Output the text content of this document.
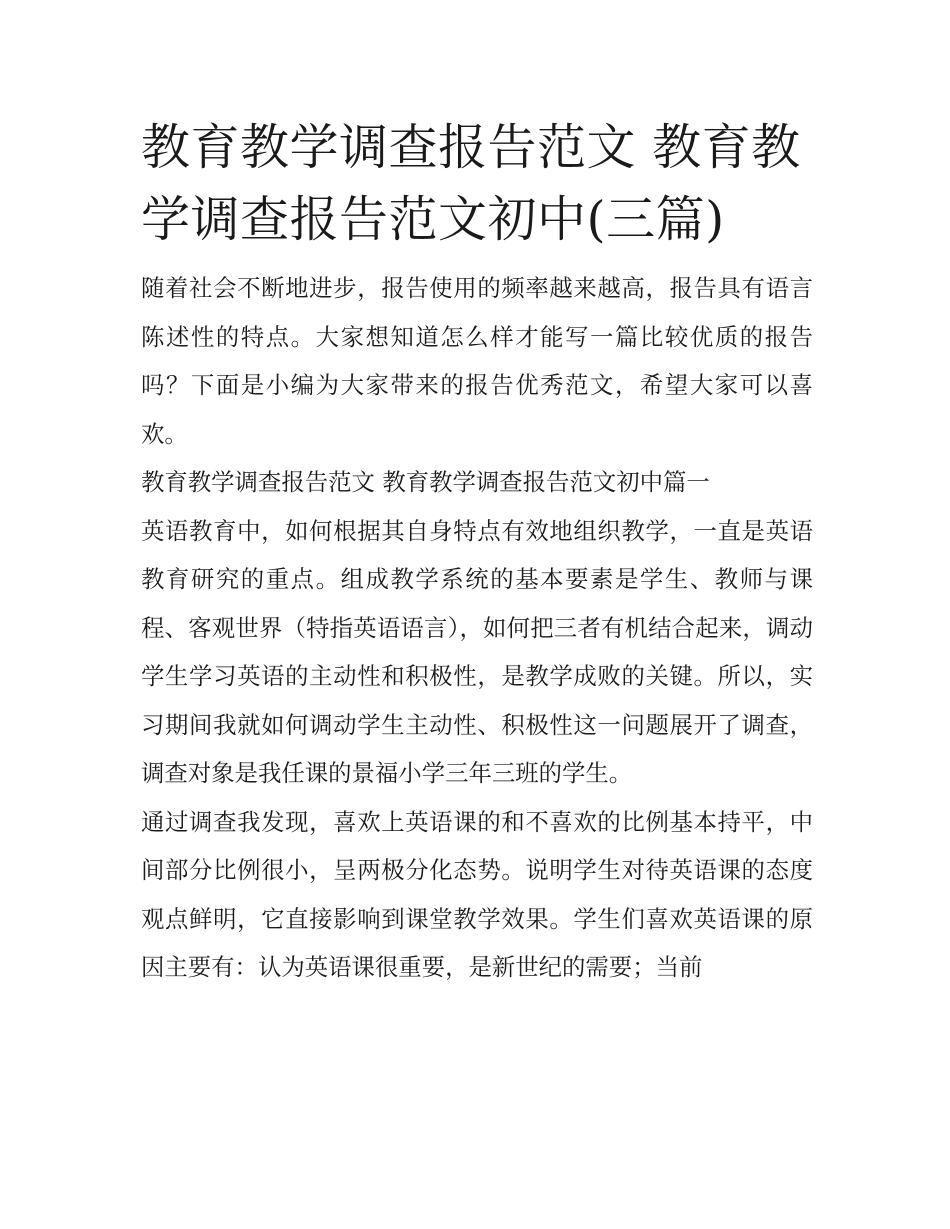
教育教学调查报告范文 教育教学调查报告范文初中(三篇)

随着社会不断地进步，报告使用的频率越来越高，报告具有语言陈述性的特点。大家想知道怎么样才能写一篇比较优质的报告吗？下面是小编为大家带来的报告优秀范文，希望大家可以喜欢。

教育教学调查报告范文 教育教学调查报告范文初中篇一

英语教育中，如何根据其自身特点有效地组织教学，一直是英语教育研究的重点。组成教学系统的基本要素是学生、教师与课程、客观世界（特指英语语言），如何把三者有机结合起来，调动学生学习英语的主动性和积极性，是教学成败的关键。所以，实习期间我就如何调动学生主动性、积极性这一问题展开了调查，调查对象是我任课的景福小学三年三班的学生。

通过调查我发现，喜欢上英语课的和不喜欢的比例基本持平，中间部分比例很小，呈两极分化态势。说明学生对待英语课的态度观点鲜明，它直接影响到课堂教学效果。学生们喜欢英语课的原因主要有：认为英语课很重要，是新世纪的需要；当前
